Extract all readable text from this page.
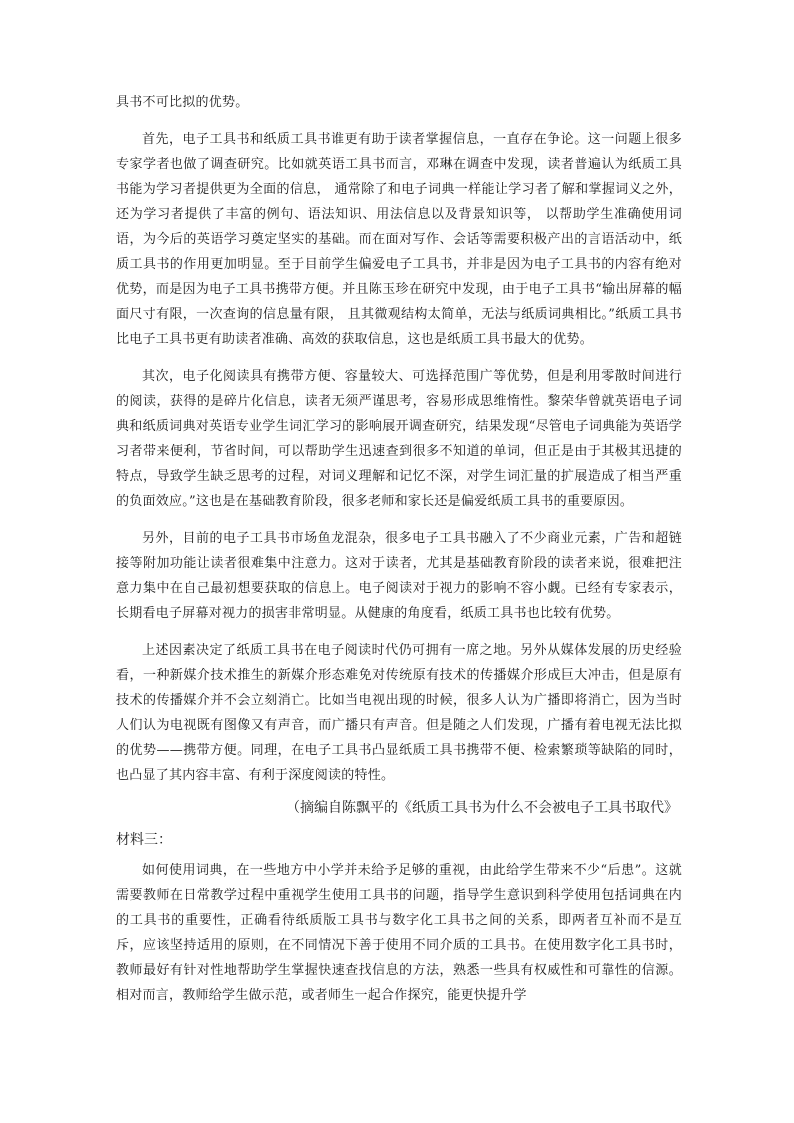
具书不可比拟的优势。

首先，电子工具书和纸质工具书谁更有助于读者掌握信息，一直存在争论。这一问题上很多专家学者也做了调查研究。比如就英语工具书而言，邓琳在调查中发现，读者普遍认为纸质工具书能为学习者提供更为全面的信息， 通常除了和电子词典一样能让学习者了解和掌握词义之外，还为学习者提供了丰富的例句、语法知识、用法信息以及背景知识等， 以帮助学生准确使用词语，为今后的英语学习奠定坚实的基础。而在面对写作、会话等需要积极产出的言语活动中，纸质工具书的作用更加明显。至于目前学生偏爱电子工具书，并非是因为电子工具书的内容有绝对优势，而是因为电子工具书携带方便。并且陈玉珍在研究中发现，由于电子工具书“输出屏幕的幅面尺寸有限，一次查询的信息量有限， 且其微观结构太简单，无法与纸质词典相比。”纸质工具书比电子工具书更有助读者准确、高效的获取信息，这也是纸质工具书最大的优势。

其次，电子化阅读具有携带方便、容量较大、可选择范围广等优势，但是利用零散时间进行的阅读，获得的是碎片化信息，读者无须严谨思考，容易形成思维惰性。黎荣华曾就英语电子词典和纸质词典对英语专业学生词汇学习的影响展开调查研究，结果发现“尽管电子词典能为英语学习者带来便利，节省时间，可以帮助学生迅速查到很多不知道的单词，但正是由于其极其迅捷的特点，导致学生缺乏思考的过程，对词义理解和记忆不深，对学生词汇量的扩展造成了相当严重的负面效应。”这也是在基础教育阶段，很多老师和家长还是偏爱纸质工具书的重要原因。

另外，目前的电子工具书市场鱼龙混杂，很多电子工具书融入了不少商业元素，广告和超链接等附加功能让读者很难集中注意力。这对于读者，尤其是基础教育阶段的读者来说，很难把注意力集中在自己最初想要获取的信息上。电子阅读对于视力的影响不容小觑。已经有专家表示，长期看电子屏幕对视力的损害非常明显。从健康的角度看，纸质工具书也比较有优势。

上述因素决定了纸质工具书在电子阅读时代仍可拥有一席之地。另外从媒体发展的历史经验看，一种新媒介技术推生的新媒介形态难免对传统原有技术的传播媒介形成巨大冲击，但是原有技术的传播媒介并不会立刻消亡。比如当电视出现的时候，很多人认为广播即将消亡，因为当时人们认为电视既有图像又有声音，而广播只有声音。但是随之人们发现，广播有着电视无法比拟的优势——携带方便。同理，在电子工具书凸显纸质工具书携带不便、检索繁琐等缺陷的同时，也凸显了其内容丰富、有利于深度阅读的特性。

（摘编自陈飘平的《纸质工具书为什么不会被电子工具书取代》
材料三：

如何使用词典，在一些地方中小学并未给予足够的重视，由此给学生带来不少“后患”。这就需要教师在日常教学过程中重视学生使用工具书的问题，指导学生意识到科学使用包括词典在内的工具书的重要性，正确看待纸质版工具书与数字化工具书之间的关系，即两者互补而不是互斥，应该坚持适用的原则，在不同情况下善于使用不同介质的工具书。在使用数字化工具书时，教师最好有针对性地帮助学生掌握快速查找信息的方法，熟悉一些具有权威性和可靠性的信源。相对而言，教师给学生做示范，或者师生一起合作探究，能更快提升学
